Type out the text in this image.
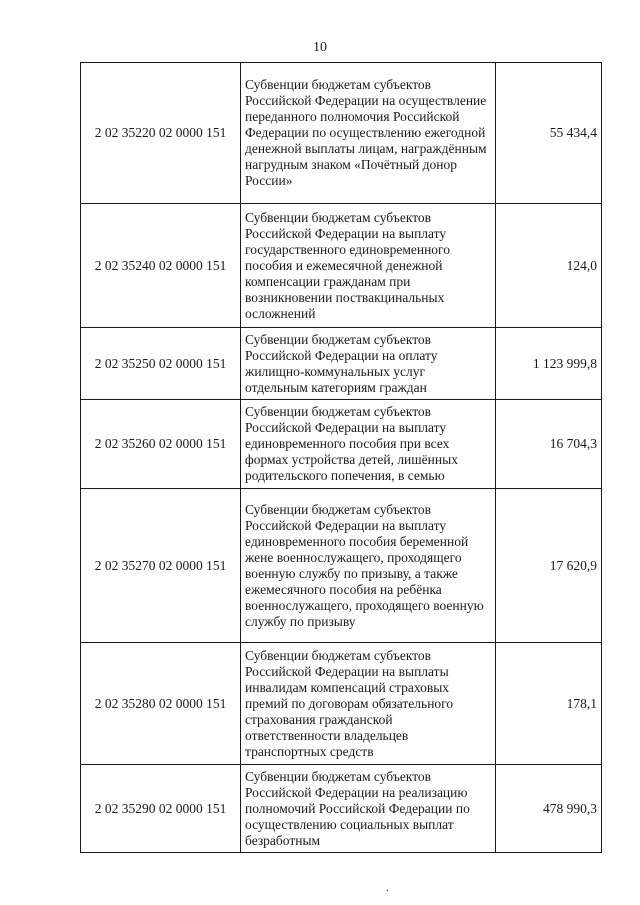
10
2 02 35220 02 0000 151	Субвенции бюджетам субъектов Российской Федерации на осуществление переданного полномочия Российской Федерации по осуществлению ежегодной денежной выплаты лицам, награждённым нагрудным знаком «Почётный донор России»	55 434,4
2 02 35240 02 0000 151	Субвенции бюджетам субъектов Российской Федерации на выплату государственного единовременного пособия и ежемесячной денежной компенсации гражданам при возникновении поствакцинальных осложнений	124,0
2 02 35250 02 0000 151	Субвенции бюджетам субъектов Российской Федерации на оплату жилищно-коммунальных услуг отдельным категориям граждан	1 123 999,8
2 02 35260 02 0000 151	Субвенции бюджетам субъектов Российской Федерации на выплату единовременного пособия при всех формах устройства детей, лишённых родительского попечения, в семью	16 704,3
2 02 35270 02 0000 151	Субвенции бюджетам субъектов Российской Федерации на выплату единовременного пособия беременной жене военнослужащего, проходящего военную службу по призыву, а также ежемесячного пособия на ребёнка военнослужащего, проходящего военную службу по призыву	17 620,9
2 02 35280 02 0000 151	Субвенции бюджетам субъектов Российской Федерации на выплаты инвалидам компенсаций страховых премий по договорам обязательного страхования гражданской ответственности владельцев транспортных средств	178,1
2 02 35290 02 0000 151	Субвенции бюджетам субъектов Российской Федерации на реализацию полномочий Российской Федерации по осуществлению социальных выплат безработным	478 990,3
.
